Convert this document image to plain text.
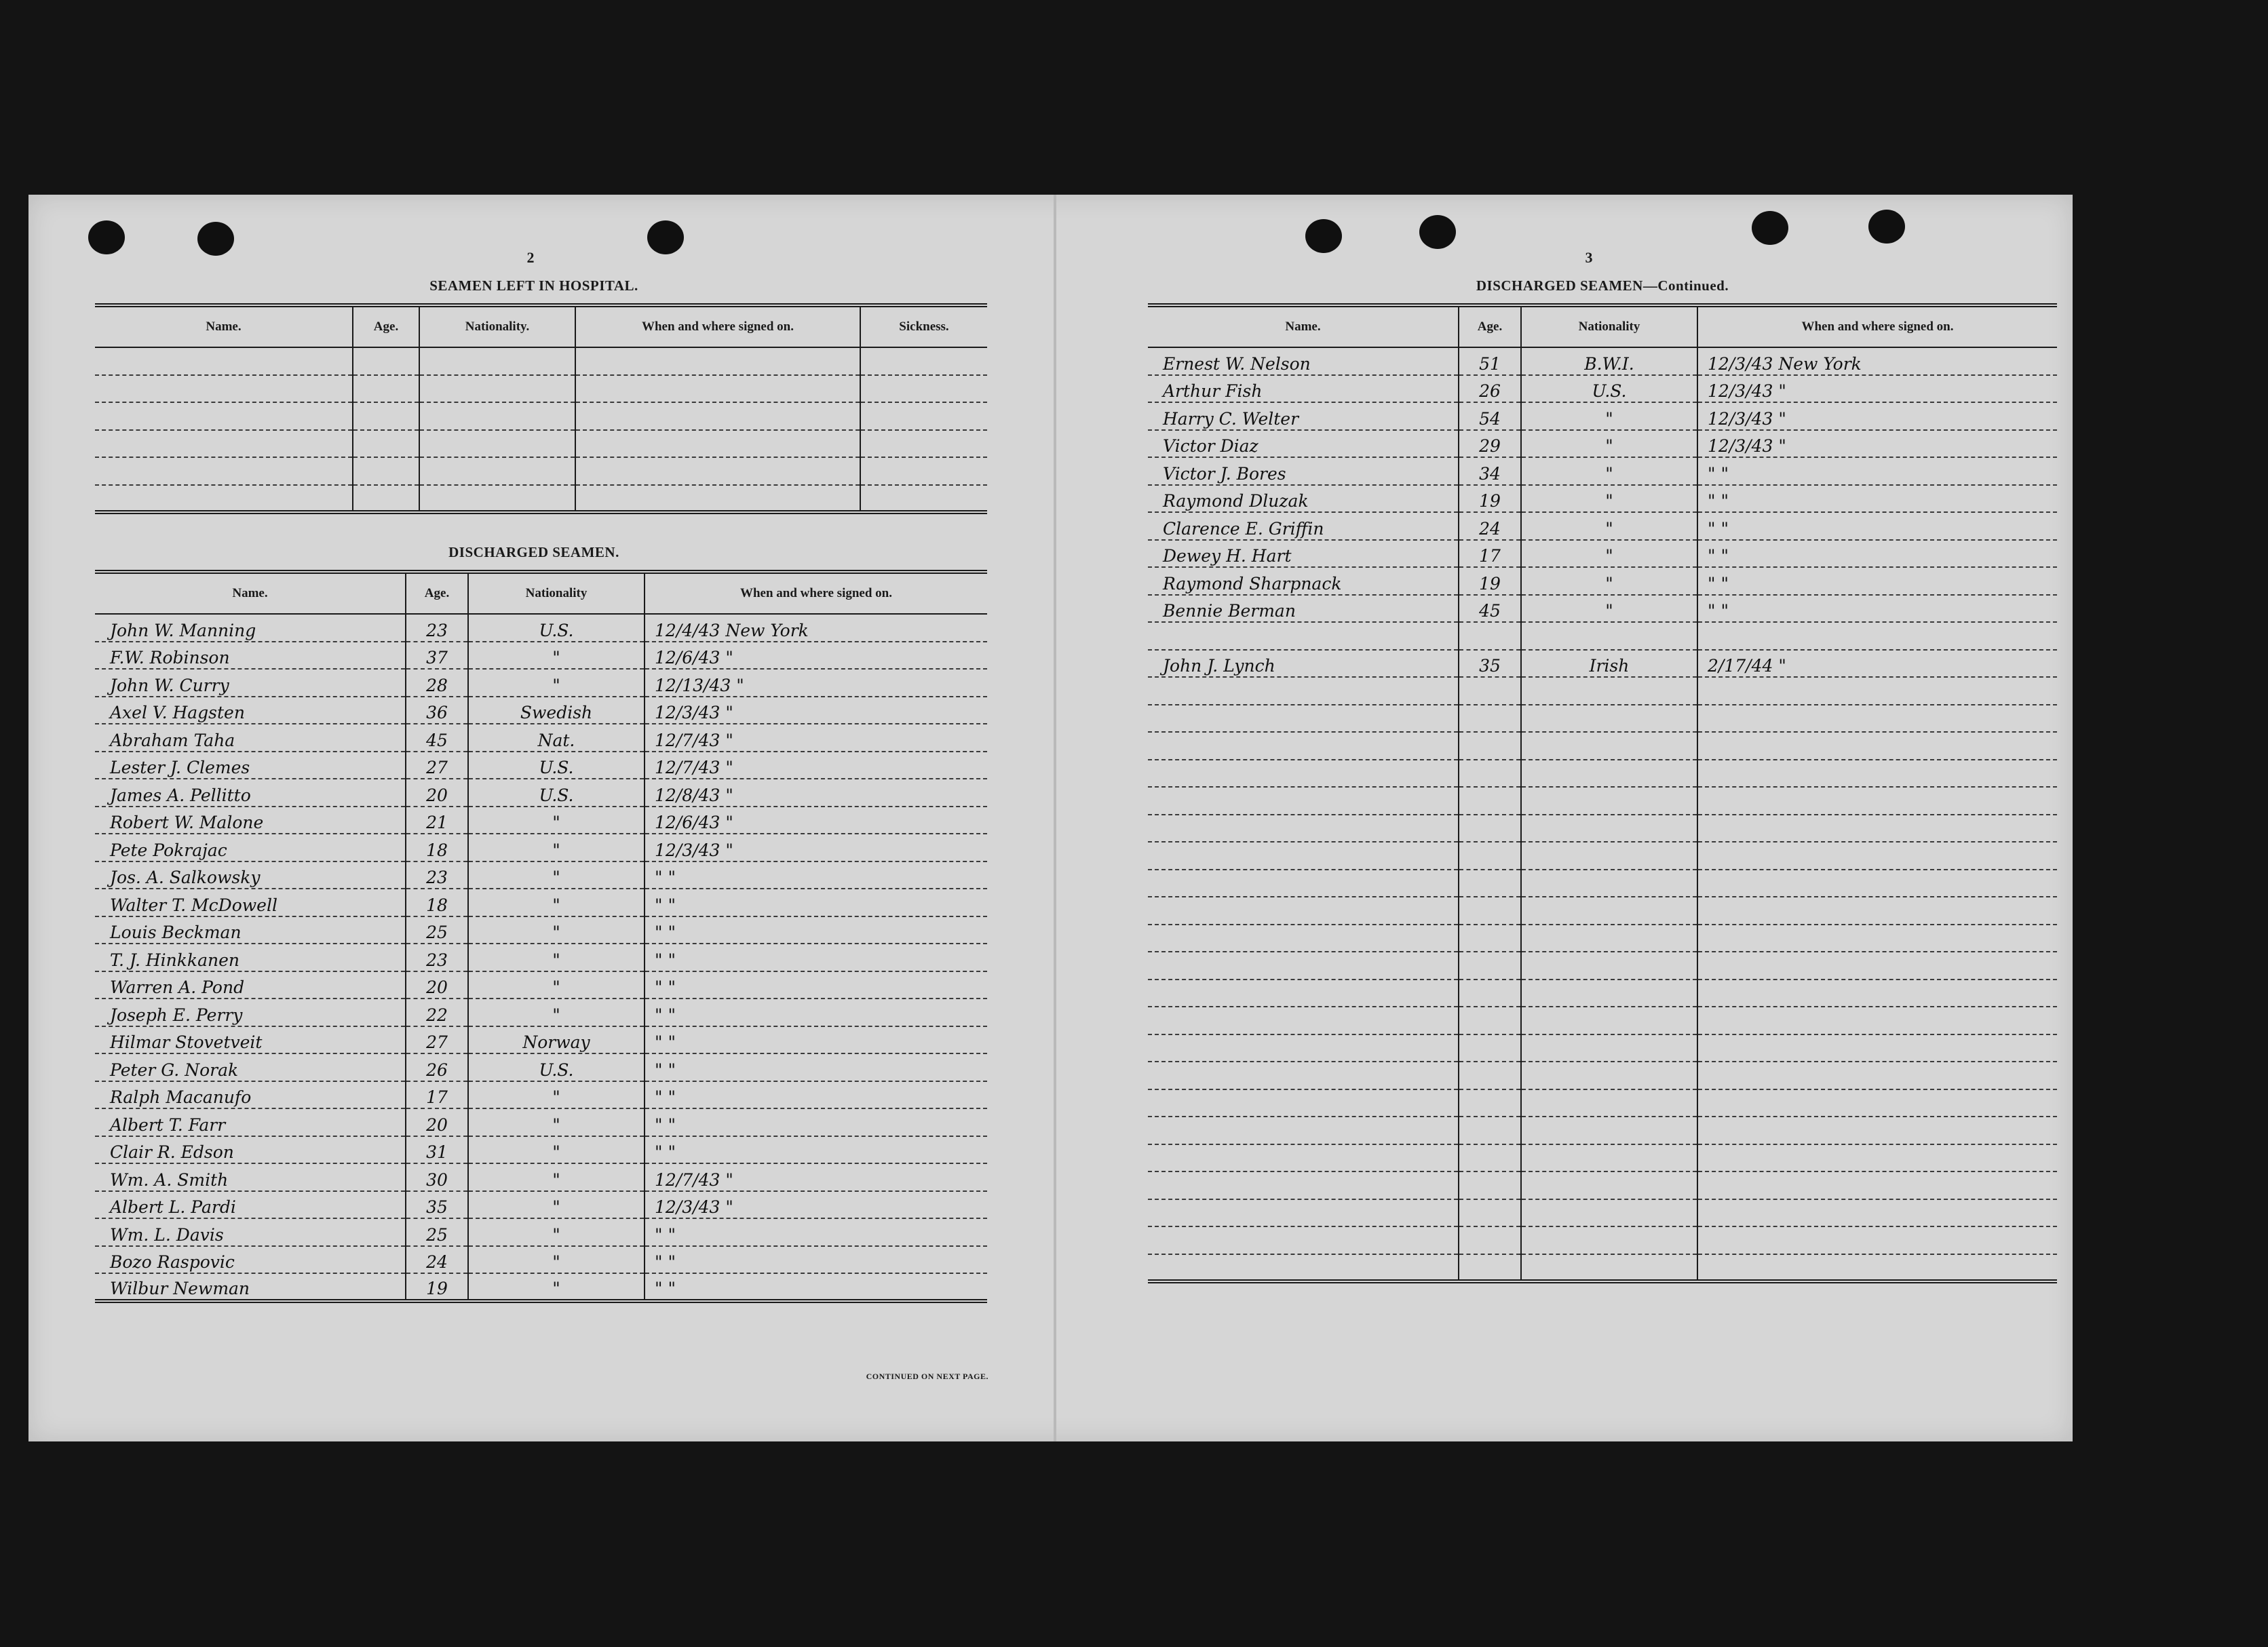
2

SEAMEN LEFT IN HOSPITAL.

Name.	Age.	Nationality.	When and where signed on.	Sickness.

DISCHARGED SEAMEN.

Name.	Age.	Nationality	When and where signed on.
John W. Manning	23	U.S.	12/4/43 New York
F.W. Robinson	37	"	12/6/43 "
John W. Curry	28	"	12/13/43 "
Axel V. Hagsten	36	Swedish	12/3/43 "
Abraham Taha	45	Nat.	12/7/43 "
Lester J. Clemes	27	U.S.	12/7/43 "
James A. Pellitto	20	U.S.	12/8/43 "
Robert W. Malone	21	"	12/6/43 "
Pete Pokrajac	18	"	12/3/43 "
Jos. A. Salkowsky	23	"	" "
Walter T. McDowell	18	"	" "
Louis Beckman	25	"	" "
T. J. Hinkkanen	23	"	" "
Warren A. Pond	20	"	" "
Joseph E. Perry	22	"	" "
Hilmar Stovetveit	27	Norway	" "
Peter G. Norak	26	U.S.	" "
Ralph Macanufo	17	"	" "
Albert T. Farr	20	"	" "
Clair R. Edson	31	"	" "
Wm. A. Smith	30	"	12/7/43 "
Albert L. Pardi	35	"	12/3/43 "
Wm. L. Davis	25	"	" "
Bozo Raspovic	24	"	" "
Wilbur Newman	19	"	" "

CONTINUED ON NEXT PAGE.

3

DISCHARGED SEAMEN—Continued.

Name.	Age.	Nationality	When and where signed on.
Ernest W. Nelson	51	B.W.I.	12/3/43 New York
Arthur Fish	26	U.S.	12/3/43 "
Harry C. Welter	54	"	12/3/43 "
Victor Diaz	29	"	12/3/43 "
Victor J. Bores	34	"	" "
Raymond Dluzak	19	"	" "
Clarence E. Griffin	24	"	" "
Dewey H. Hart	17	"	" "
Raymond Sharpnack	19	"	" "
Bennie Berman	45	"	" "

John J. Lynch	35	Irish	2/17/44 "
